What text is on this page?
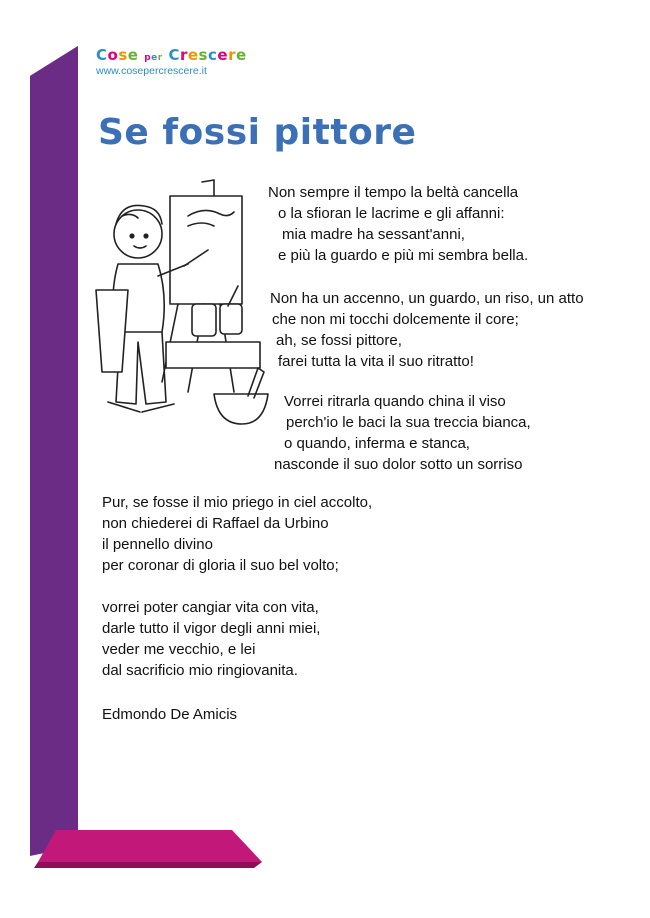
Cose per Crescere
www.cosepercrescere.it
Se fossi pittore
Non sempre il tempo la beltà cancella
o la sfioran le lacrime e gli affanni:
mia madre ha sessant'anni,
e più la guardo e più mi sembra bella.
Non ha un accenno, un guardo, un riso, un atto
che non mi tocchi dolcemente il core;
ah, se fossi pittore,
farei tutta la vita il suo ritratto!
Vorrei ritrarla quando china il viso
perch'io le baci la sua treccia bianca,
o quando, inferma e stanca,
nasconde il suo dolor sotto un sorriso
Pur, se fosse il mio priego in ciel accolto,
non chiederei di Raffael da Urbino
il pennello divino
per coronar di gloria il suo bel volto;
vorrei poter cangiar vita con vita,
darle tutto il vigor degli anni miei,
veder me vecchio, e lei
dal sacrificio mio ringiovanita.
Edmondo De Amicis
